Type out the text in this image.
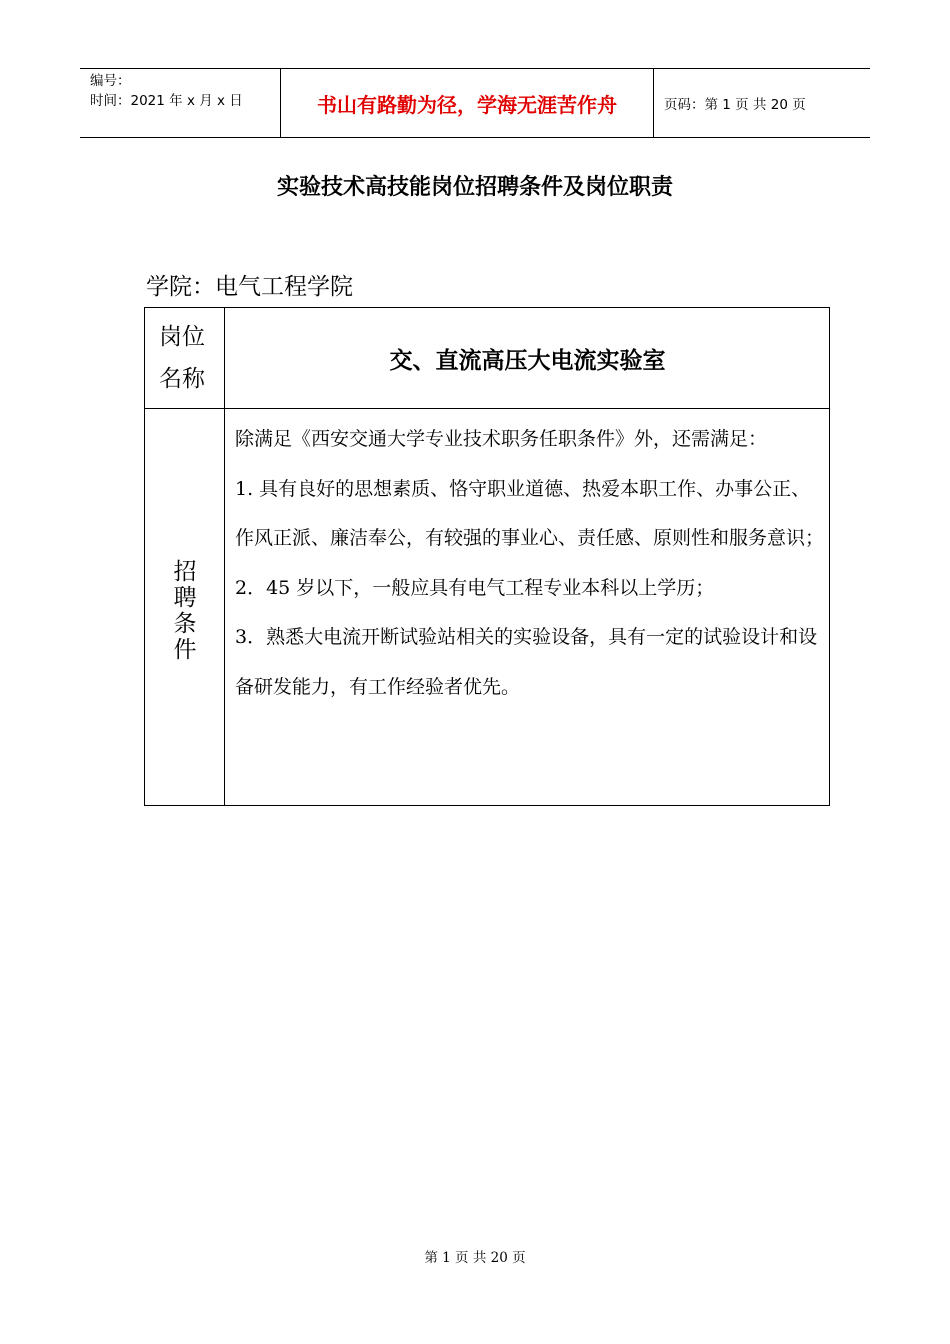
编号：
时间：2021 年 x 月 x 日	书山有路勤为径，学海无涯苦作舟	页码：第 1 页 共 20 页
实验技术高技能岗位招聘条件及岗位职责
学院：电气工程学院
岗位名称
交、直流高压大电流实验室
招
聘
条
件

除满足《西安交通大学专业技术职务任职条件》外，还需满足：

1. 具有良好的思想素质、恪守职业道德、热爱本职工作、办事公正、作风正派、廉洁奉公，有较强的事业心、责任感、原则性和服务意识；

2．45 岁以下，一般应具有电气工程专业本科以上学历；

3．熟悉大电流开断试验站相关的实验设备，具有一定的试验设计和设备研发能力，有工作经验者优先。

第 1 页 共 20 页
